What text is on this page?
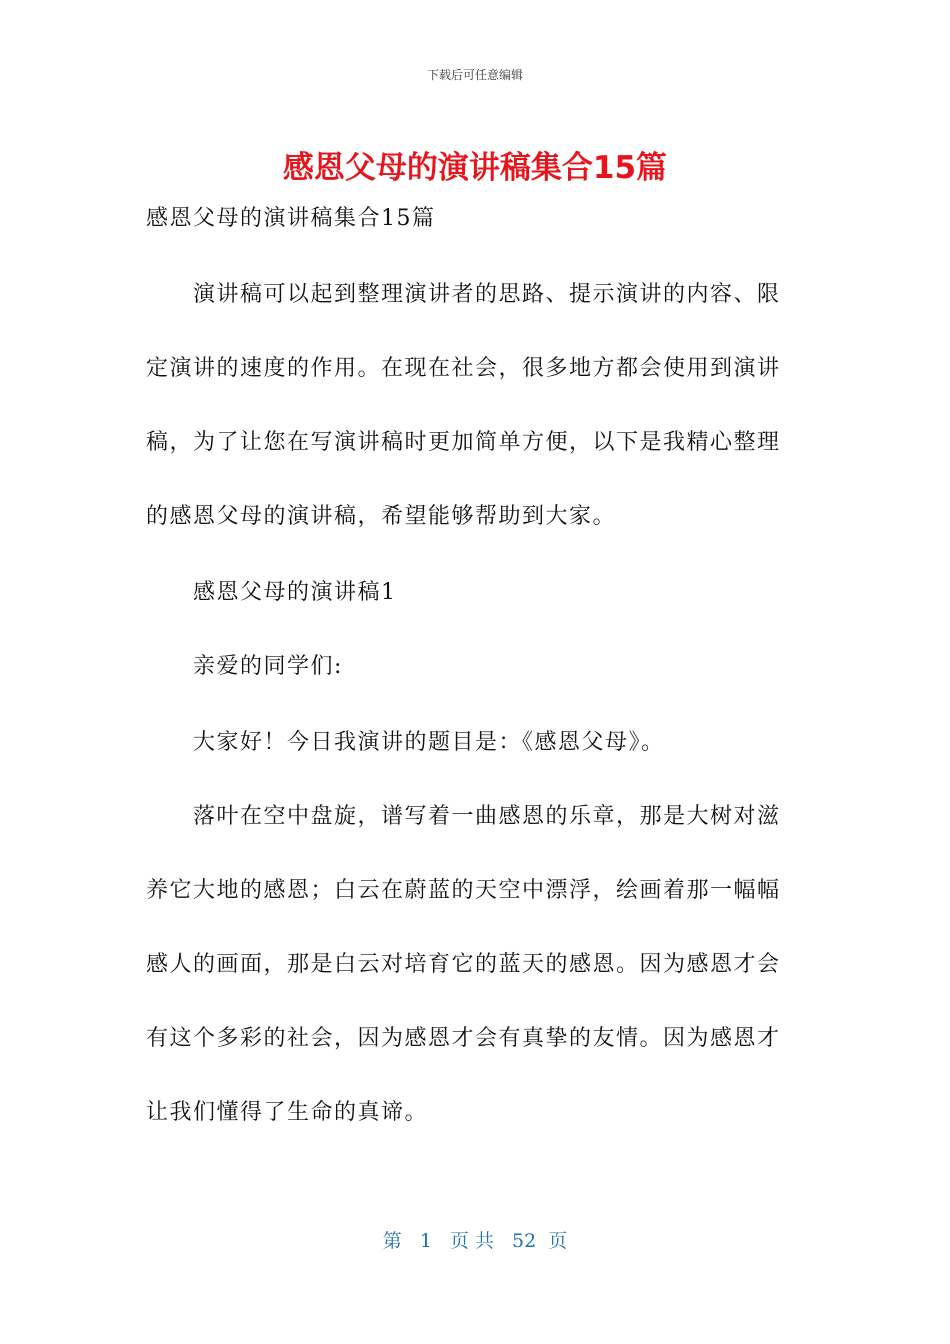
下载后可任意编辑
感恩父母的演讲稿集合15篇
感恩父母的演讲稿集合15篇
　　演讲稿可以起到整理演讲者的思路、提示演讲的内容、限
定演讲的速度的作用。在现在社会，很多地方都会使用到演讲
稿，为了让您在写演讲稿时更加简单方便，以下是我精心整理
的感恩父母的演讲稿，希望能够帮助到大家。
　　感恩父母的演讲稿1
　　亲爱的同学们:
　　大家好！今日我演讲的题目是：《感恩父母》。
　　落叶在空中盘旋，谱写着一曲感恩的乐章，那是大树对滋
养它大地的感恩；白云在蔚蓝的天空中漂浮，绘画着那一幅幅
感人的画面，那是白云对培育它的蓝天的感恩。因为感恩才会
有这个多彩的社会，因为感恩才会有真挚的友情。因为感恩才
让我们懂得了生命的真谛。
第 1 页 共 52 页
